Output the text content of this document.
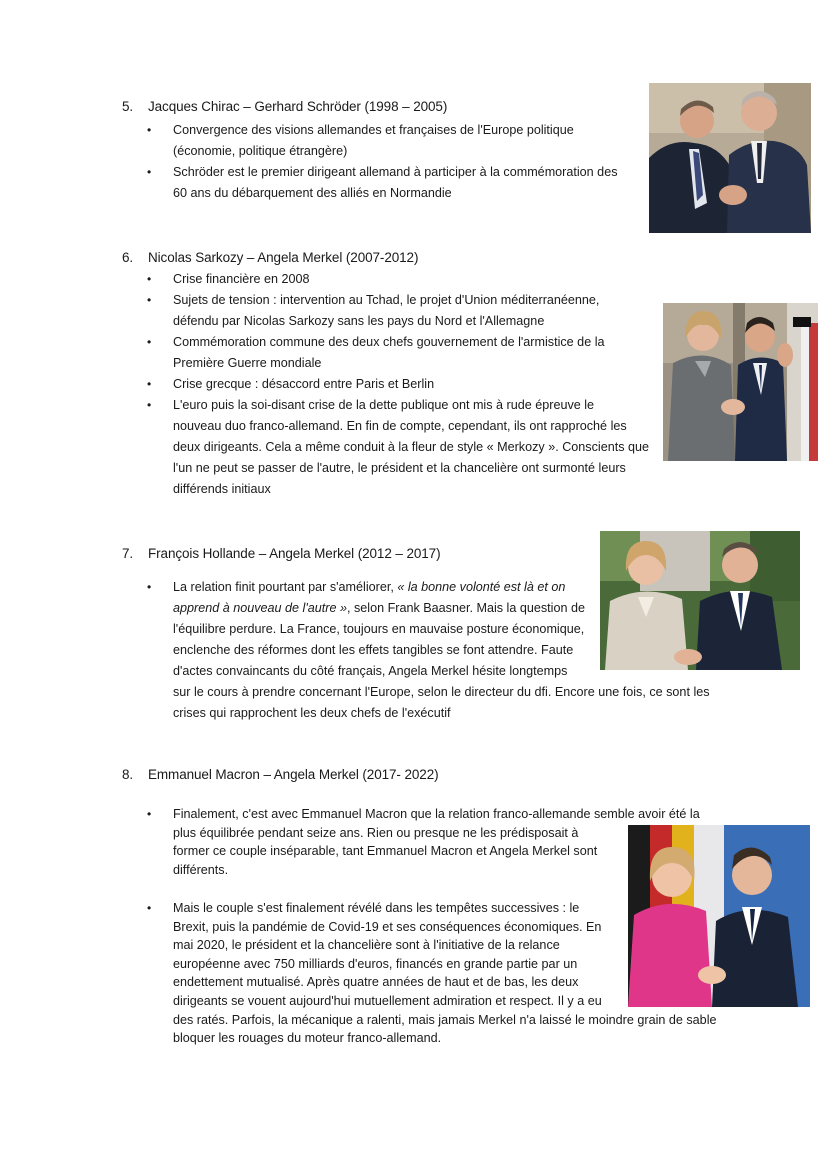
5. Jacques Chirac – Gerhard Schröder (1998 – 2005)
• Convergence des visions allemandes et françaises de l'Europe politique
(économie, politique étrangère)
• Schröder est le premier dirigeant allemand à participer à la commémoration des
60 ans du débarquement des alliés en Normandie
6. Nicolas Sarkozy – Angela Merkel (2007-2012)
• Crise financière en 2008
• Sujets de tension : intervention au Tchad, le projet d'Union méditerranéenne,
défendu par Nicolas Sarkozy sans les pays du Nord et l'Allemagne
• Commémoration commune des deux chefs gouvernement de l'armistice de la
Première Guerre mondiale
• Crise grecque : désaccord entre Paris et Berlin
• L'euro puis la soi-disant crise de la dette publique ont mis à rude épreuve le
nouveau duo franco-allemand. En fin de compte, cependant, ils ont rapproché les
deux dirigeants. Cela a même conduit à la fleur de style « Merkozy ». Conscients que
l'un ne peut se passer de l'autre, le président et la chancelière ont surmonté leurs
différends initiaux
7. François Hollande – Angela Merkel (2012 – 2017)
• La relation finit pourtant par s'améliorer, « la bonne volonté est là et on
apprend à nouveau de l'autre », selon Frank Baasner. Mais la question de
l'équilibre perdure. La France, toujours en mauvaise posture économique,
enclenche des réformes dont les effets tangibles se font attendre. Faute
d'actes convaincants du côté français, Angela Merkel hésite longtemps
sur le cours à prendre concernant l'Europe, selon le directeur du dfi. Encore une fois, ce sont les
crises qui rapprochent les deux chefs de l'exécutif
8. Emmanuel Macron – Angela Merkel (2017- 2022)
• Finalement, c'est avec Emmanuel Macron que la relation franco-allemande semble avoir été la
plus équilibrée pendant seize ans. Rien ou presque ne les prédisposait à
former ce couple inséparable, tant Emmanuel Macron et Angela Merkel sont
différents.
• Mais le couple s'est finalement révélé dans les tempêtes successives : le
Brexit, puis la pandémie de Covid-19 et ses conséquences économiques. En
mai 2020, le président et la chancelière sont à l'initiative de la relance
européenne avec 750 milliards d'euros, financés en grande partie par un
endettement mutualisé. Après quatre années de haut et de bas, les deux
dirigeants se vouent aujourd'hui mutuellement admiration et respect. Il y a eu
des ratés. Parfois, la mécanique a ralenti, mais jamais Merkel n'a laissé le moindre grain de sable
bloquer les rouages du moteur franco-allemand.
